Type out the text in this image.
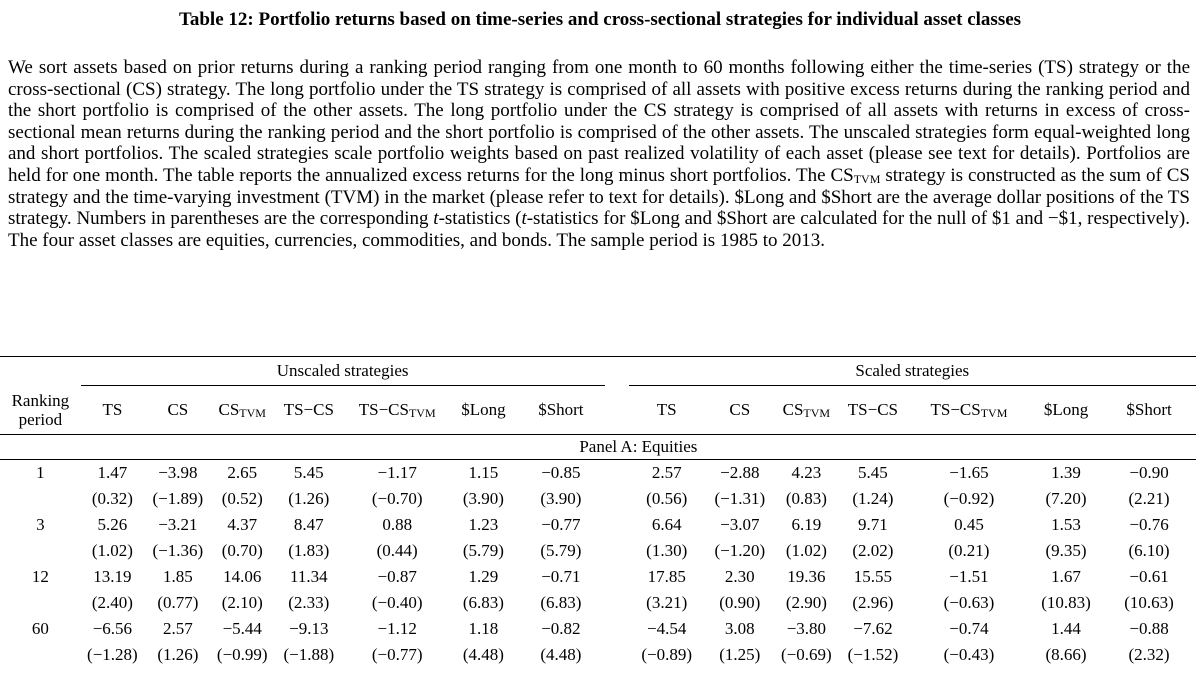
Table 12: Portfolio returns based on time-series and cross-sectional strategies for individual asset classes

We sort assets based on prior returns during a ranking period ranging from one month to 60 months following either the time-series (TS) strategy or the cross-sectional (CS) strategy. The long portfolio under the TS strategy is comprised of all assets with positive excess returns during the ranking period and the short portfolio is comprised of the other assets. The long portfolio under the CS strategy is comprised of all assets with returns in excess of cross-sectional mean returns during the ranking period and the short portfolio is comprised of the other assets. The unscaled strategies form equal-weighted long and short portfolios. The scaled strategies scale portfolio weights based on past realized volatility of each asset (please see text for details). Portfolios are held for one month. The table reports the annualized excess returns for the long minus short portfolios. The $CS_{TVM}$ strategy is constructed as the sum of CS strategy and the time-varying investment (TVM) in the market (please refer to text for details). $Long and $Short are the average dollar positions of the TS strategy. Numbers in parentheses are the corresponding t-statistics (t-statistics for $Long and $Short are calculated for the null of $1 and −$1, respectively). The four asset classes are equities, currencies, commodities, and bonds. The sample period is 1985 to 2013.

	Unscaled strategies								Scaled strategies						
Ranking
period	TS	CS	$CS_{TVM}$	TS−CS	$TS-CS_{TVM}$	$Long	$Short		TS	CS	$CS_{TVM}$	TS−CS	$TS-CS_{TVM}$	$Long	$Short

	Panel A: Equities														
1	1.47	−3.98	2.65	5.45	−1.17	1.15	−0.85		2.57	−2.88	4.23	5.45	−1.65	1.39	−0.90
	(0.32)	(−1.89)	(0.52)	(1.26)	(−0.70)	(3.90)	(3.90)		(0.56)	(−1.31)	(0.83)	(1.24)	(−0.92)	(7.20)	(2.21)
3	5.26	−3.21	4.37	8.47	0.88	1.23	−0.77		6.64	−3.07	6.19	9.71	0.45	1.53	−0.76
	(1.02)	(−1.36)	(0.70)	(1.83)	(0.44)	(5.79)	(5.79)		(1.30)	(−1.20)	(1.02)	(2.02)	(0.21)	(9.35)	(6.10)
12	13.19	1.85	14.06	11.34	−0.87	1.29	−0.71		17.85	2.30	19.36	15.55	−1.51	1.67	−0.61
	(2.40)	(0.77)	(2.10)	(2.33)	(−0.40)	(6.83)	(6.83)		(3.21)	(0.90)	(2.90)	(2.96)	(−0.63)	(10.83)	(10.63)
60	−6.56	2.57	−5.44	−9.13	−1.12	1.18	−0.82		−4.54	3.08	−3.80	−7.62	−0.74	1.44	−0.88
	(−1.28)	(1.26)	(−0.99)	(−1.88)	(−0.77)	(4.48)	(4.48)		(−0.89)	(1.25)	(−0.69)	(−1.52)	(−0.43)	(8.66)	(2.32)
